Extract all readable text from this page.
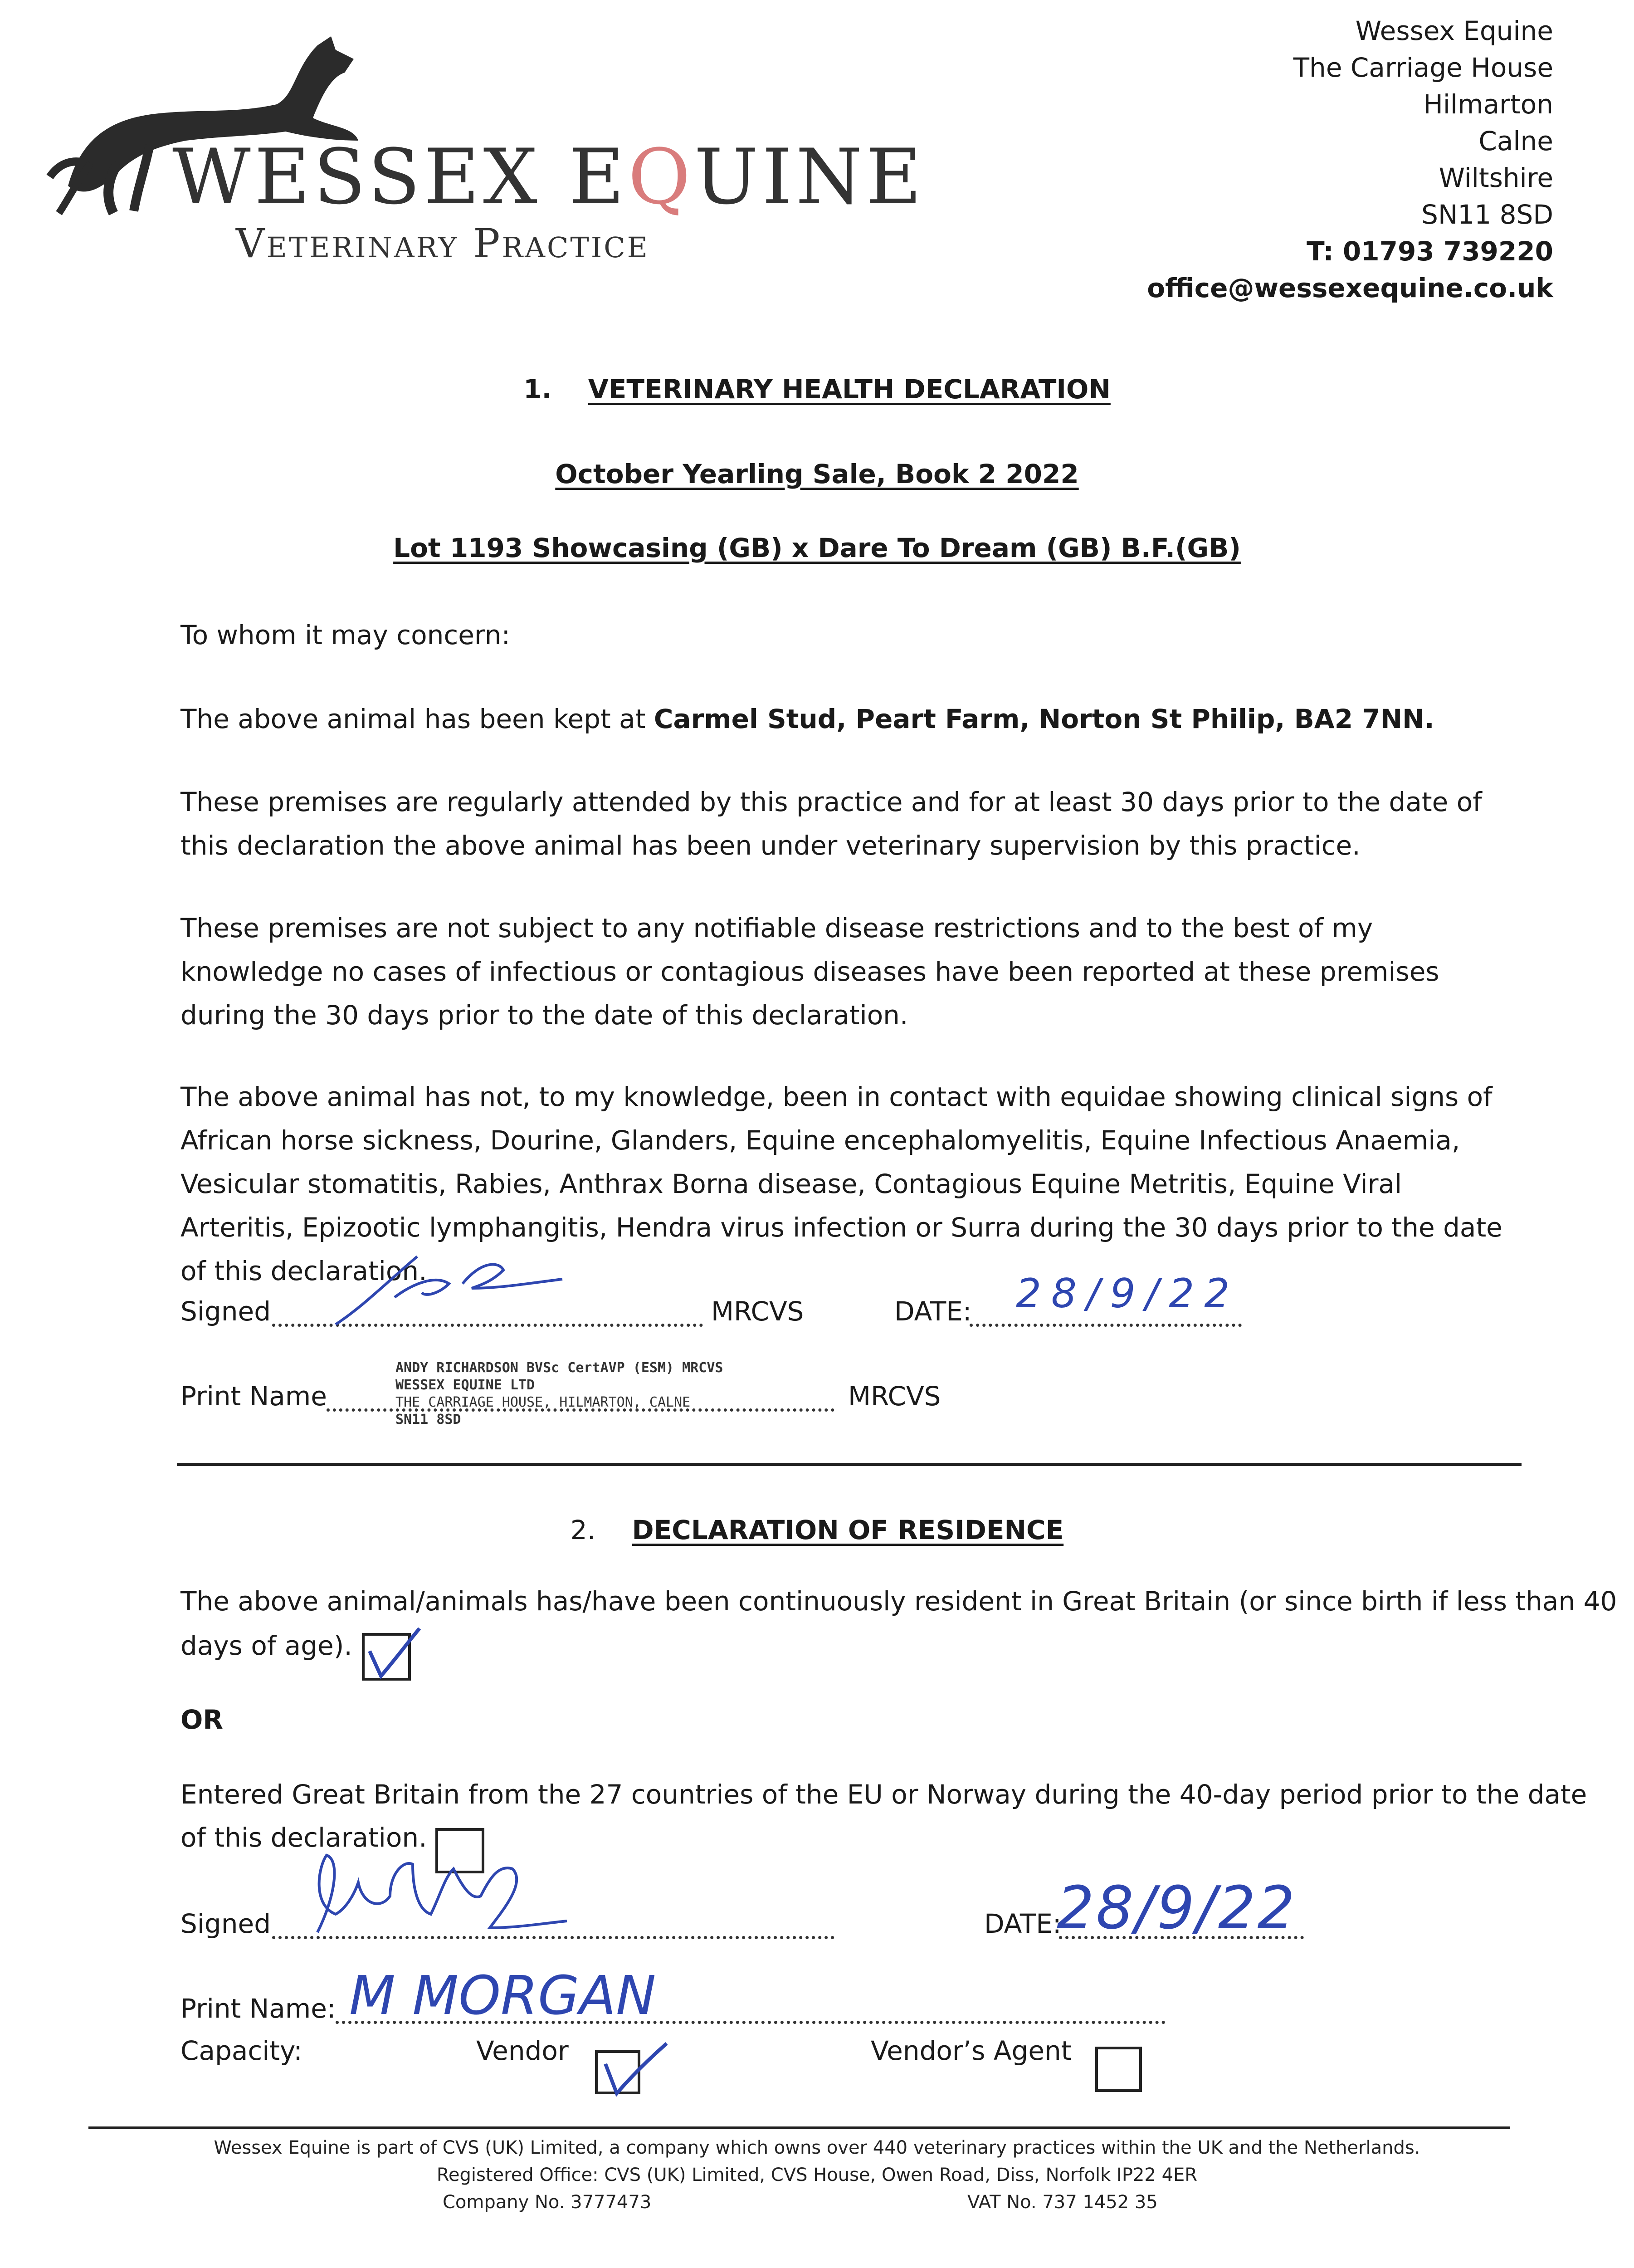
WESSEX EQUINE
Veterinary Practice
Wessex Equine
The Carriage House
Hilmarton
Calne
Wiltshire
SN11 8SD
T: 01793 739220
office@wessexequine.co.uk
1. VETERINARY HEALTH DECLARATION
October Yearling Sale, Book 2 2022
Lot 1193 Showcasing (GB) x Dare To Dream (GB) B.F.(GB)
To whom it may concern:
The above animal has been kept at Carmel Stud, Peart Farm, Norton St Philip, BA2 7NN.
These premises are regularly attended by this practice and for at least 30 days prior to the date of this declaration the above animal has been under veterinary supervision by this practice.
These premises are not subject to any notifiable disease restrictions and to the best of my knowledge no cases of infectious or contagious diseases have been reported at these premises during the 30 days prior to the date of this declaration.
The above animal has not, to my knowledge, been in contact with equidae showing clinical signs of African horse sickness, Dourine, Glanders, Equine encephalomyelitis, Equine Infectious Anaemia, Vesicular stomatitis, Rabies, Anthrax Borna disease, Contagious Equine Metritis, Equine Viral Arteritis, Epizootic lymphangitis, Hendra virus infection or Surra during the 30 days prior to the date of this declaration.
Signed	MRCVS	DATE: 28/9/22
Print Name	MRCVS
ANDY RICHARDSON BVSc CertAVP (ESM) MRCVS
WESSEX EQUINE LTD
THE CARRIAGE HOUSE, HILMARTON, CALNE
SN11 8SD
2. DECLARATION OF RESIDENCE
The above animal/animals has/have been continuously resident in Great Britain (or since birth if less than 40
days of age).
OR
Entered Great Britain from the 27 countries of the EU or Norway during the 40-day period prior to the date
of this declaration.
Signed	DATE:
28/9/22
Print Name: M MORGAN
Capacity:	Vendor	Vendor’s Agent
Wessex Equine is part of CVS (UK) Limited, a company which owns over 440 veterinary practices within the UK and the Netherlands.
Registered Office: CVS (UK) Limited, CVS House, Owen Road, Diss, Norfolk IP22 4ER
Company No. 3777473	VAT No. 737 1452 35
